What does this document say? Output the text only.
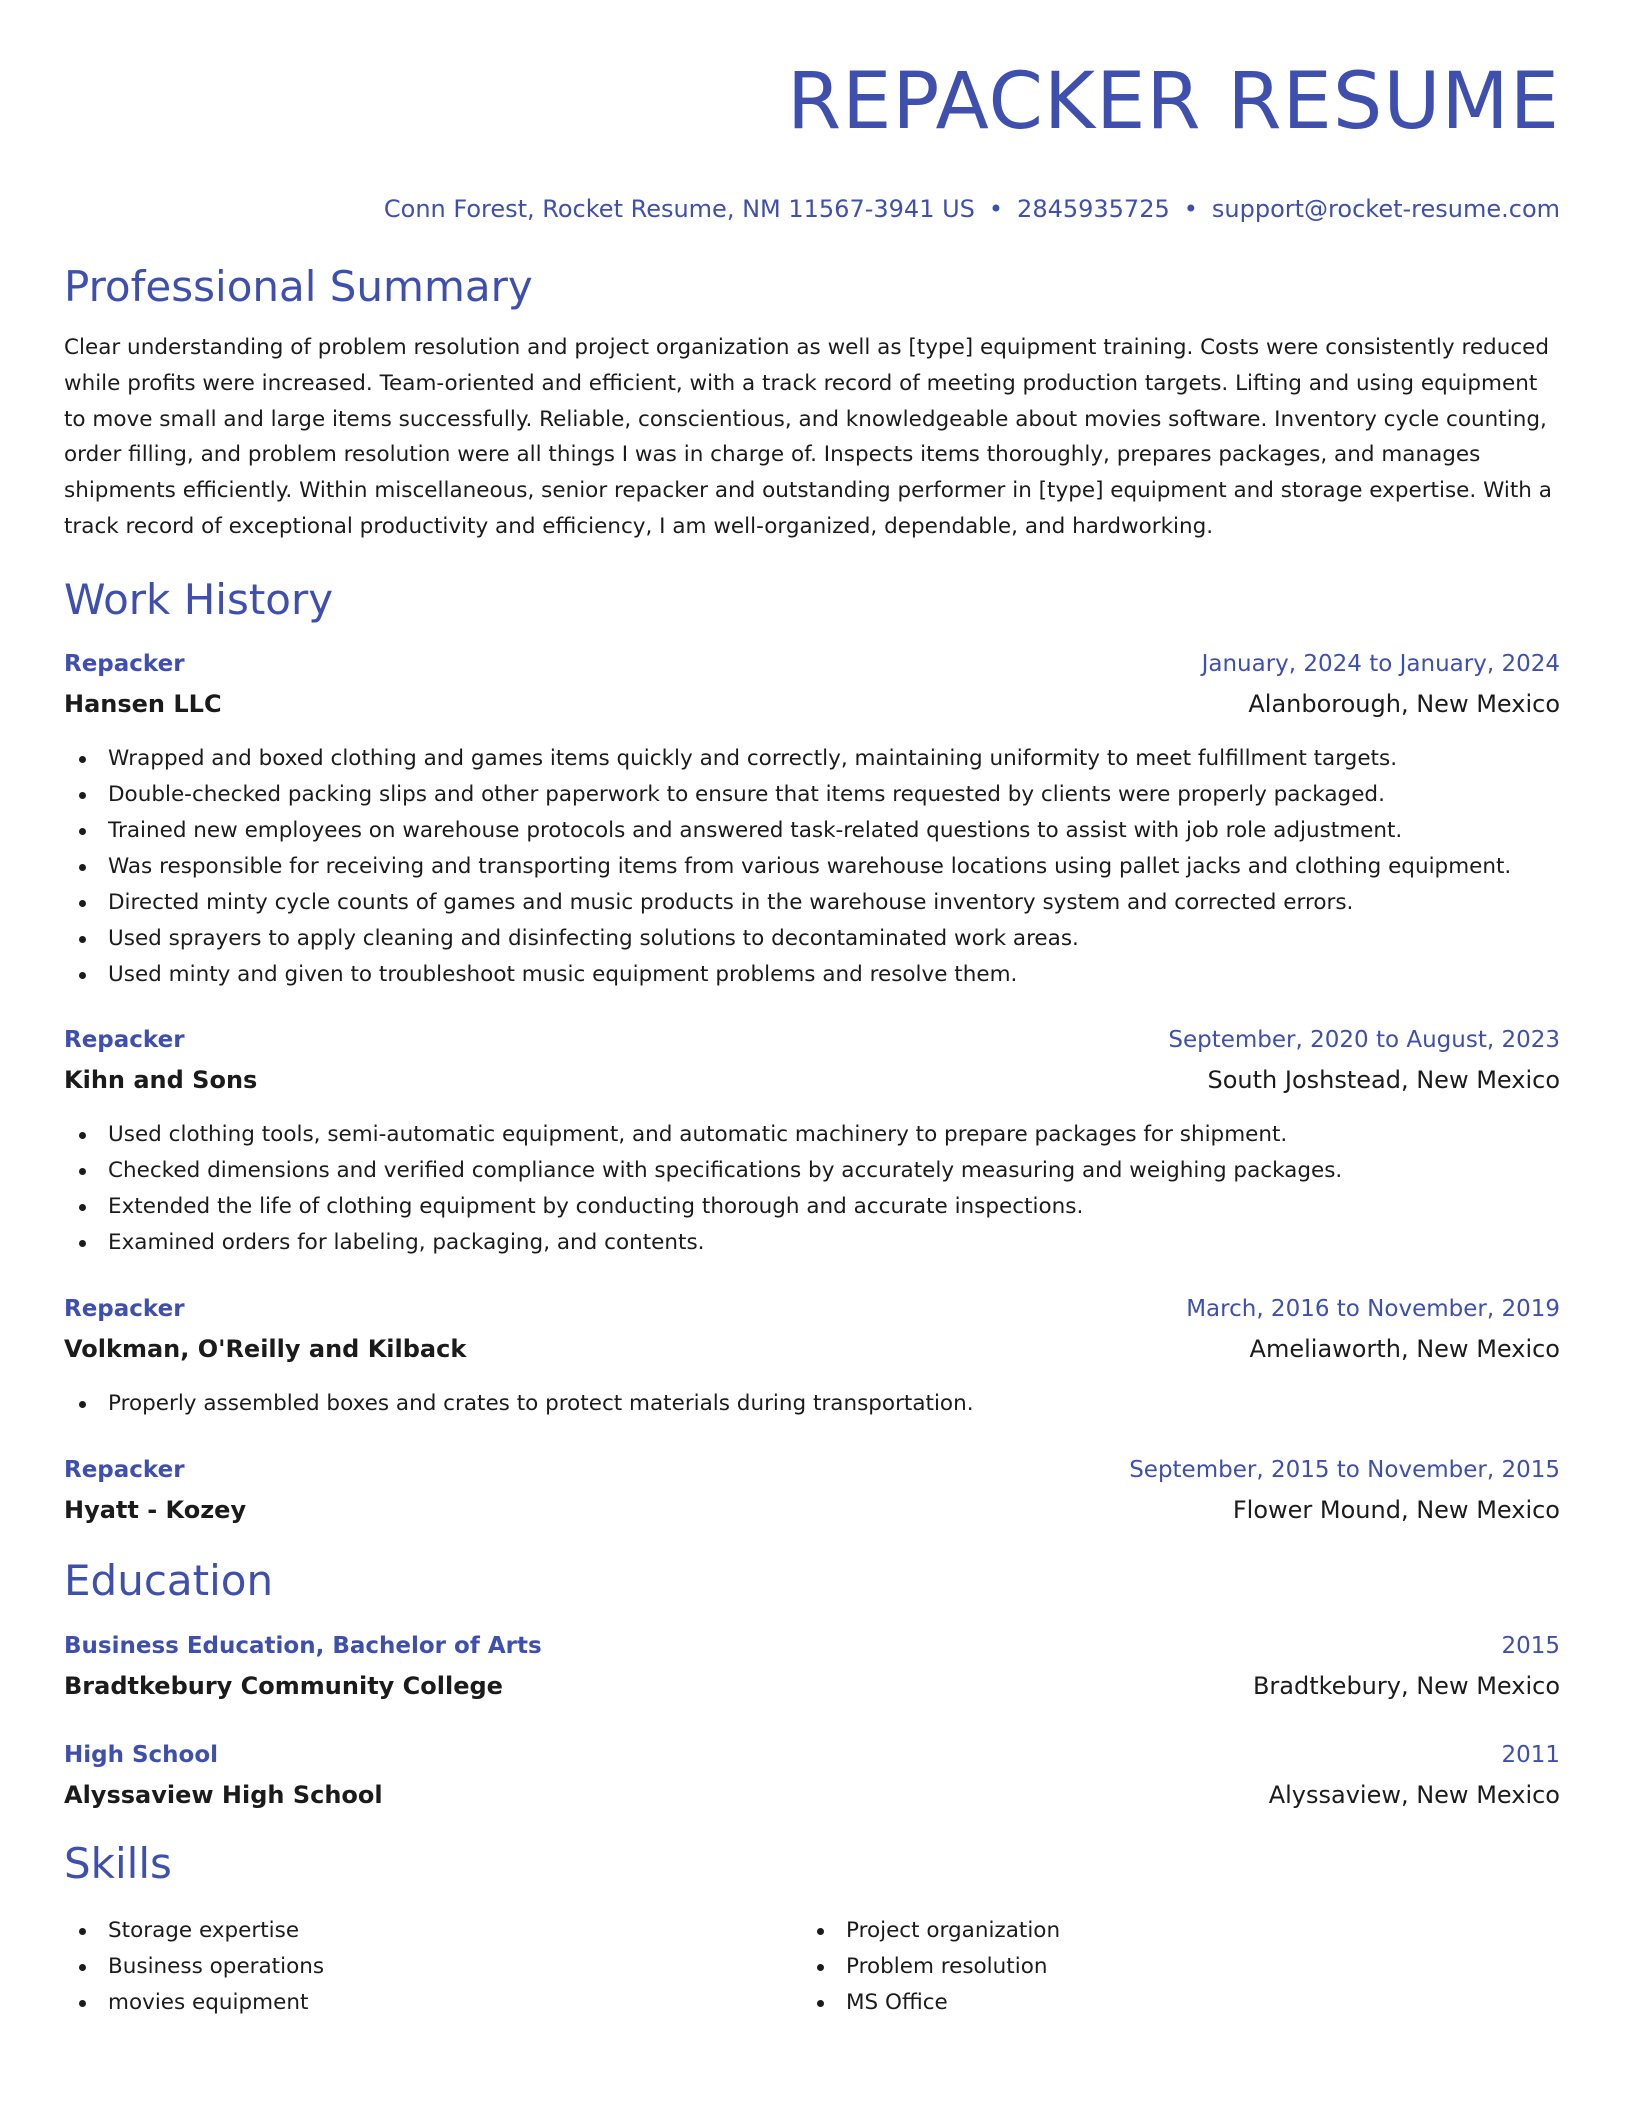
REPACKER RESUME
Conn Forest, Rocket Resume, NM 11567-3941 US • 2845935725 • support@rocket-resume.com
Professional Summary

Clear understanding of problem resolution and project organization as well as [type] equipment training. Costs were consistently reduced while profits were increased. Team-oriented and efficient, with a track record of meeting production targets. Lifting and using equipment to move small and large items successfully. Reliable, conscientious, and knowledgeable about movies software. Inventory cycle counting, order filling, and problem resolution were all things I was in charge of. Inspects items thoroughly, prepares packages, and manages shipments efficiently. Within miscellaneous, senior repacker and outstanding performer in [type] equipment and storage expertise. With a track record of exceptional productivity and efficiency, I am well-organized, dependable, and hardworking.

Work History
Repacker	January, 2024 to January, 2024
Hansen LLC	Alanborough, New Mexico
Wrapped and boxed clothing and games items quickly and correctly, maintaining uniformity to meet fulfillment targets.
Double-checked packing slips and other paperwork to ensure that items requested by clients were properly packaged.
Trained new employees on warehouse protocols and answered task-related questions to assist with job role adjustment.
Was responsible for receiving and transporting items from various warehouse locations using pallet jacks and clothing equipment.
Directed minty cycle counts of games and music products in the warehouse inventory system and corrected errors.
Used sprayers to apply cleaning and disinfecting solutions to decontaminated work areas.
Used minty and given to troubleshoot music equipment problems and resolve them.
Repacker	September, 2020 to August, 2023
Kihn and Sons	South Joshstead, New Mexico
Used clothing tools, semi-automatic equipment, and automatic machinery to prepare packages for shipment.
Checked dimensions and verified compliance with specifications by accurately measuring and weighing packages.
Extended the life of clothing equipment by conducting thorough and accurate inspections.
Examined orders for labeling, packaging, and contents.
Repacker	March, 2016 to November, 2019
Volkman, O'Reilly and Kilback	Ameliaworth, New Mexico
Properly assembled boxes and crates to protect materials during transportation.
Repacker	September, 2015 to November, 2015
Hyatt - Kozey	Flower Mound, New Mexico
Education
Business Education, Bachelor of Arts	2015
Bradtkebury Community College	Bradtkebury, New Mexico
High School	2011
Alyssaview High School	Alyssaview, New Mexico
Skills
Storage expertise
Business operations
movies equipment
Project organization
Problem resolution
MS Office
